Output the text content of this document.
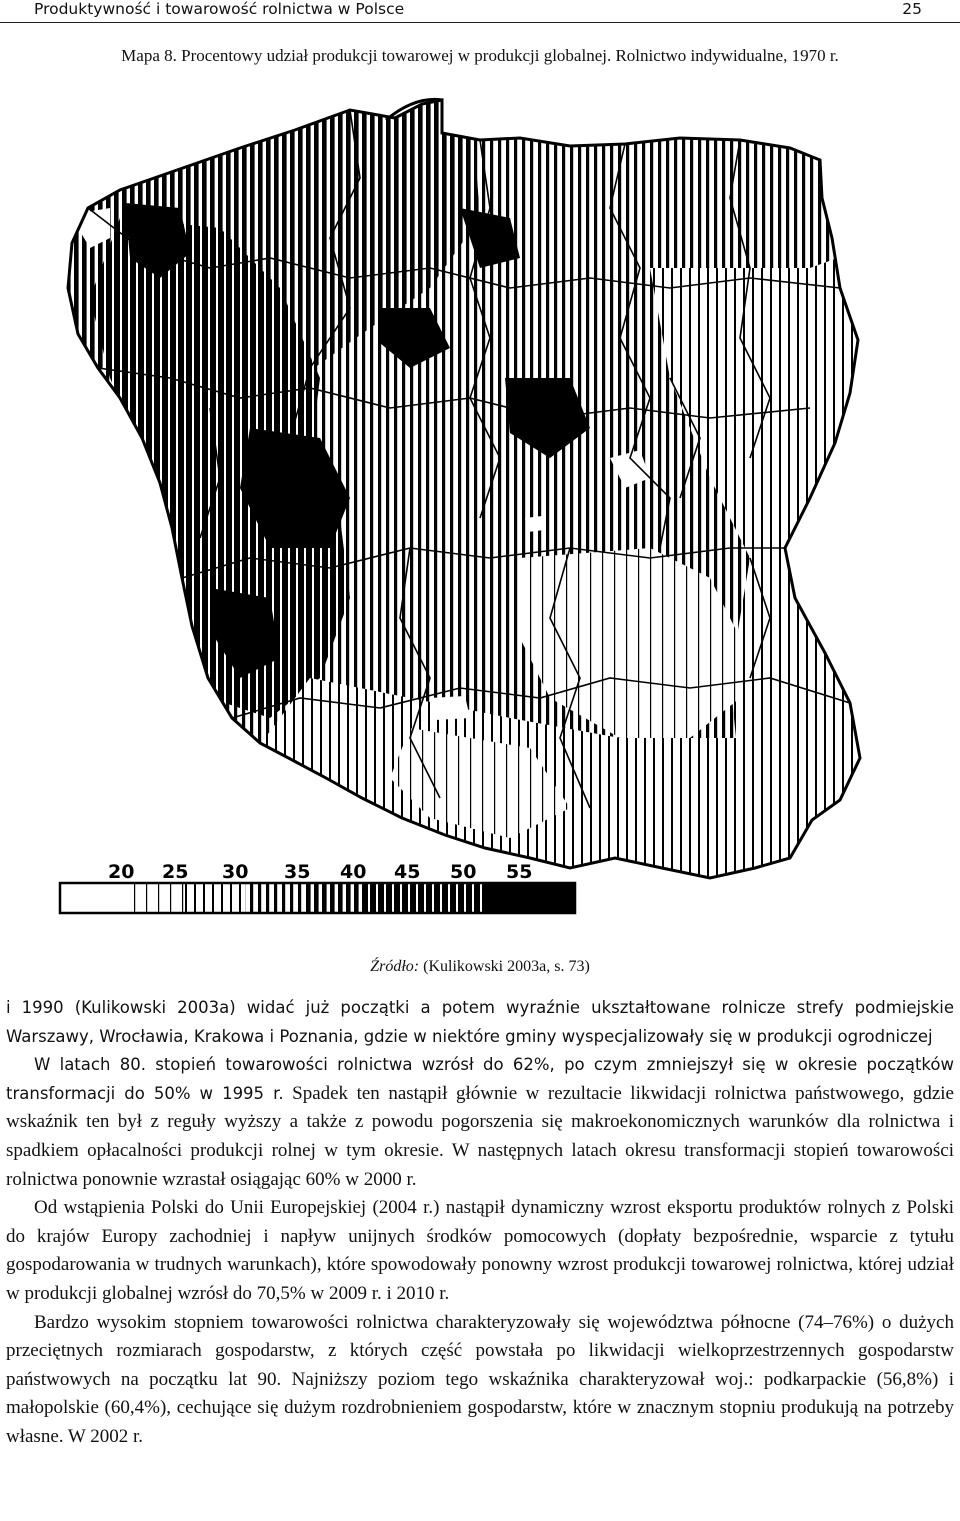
Produktywność i towarowość rolnictwa w Polsce	25
Mapa 8. Procentowy udział produkcji towarowej w produkcji globalnej. Rolnictwo indywidualne, 1970 r.
20 25 30 35 40 45 50 55
Źródło: (Kulikowski 2003a, s. 73)

i 1990 (Kulikowski 2003a) widać już początki a potem wyraźnie ukształtowane rolnicze strefy podmiejskie Warszawy, Wrocławia, Krakowa i Poznania, gdzie w niektóre gminy wyspecjalizowały się w produkcji ogrodniczej

W latach 80. stopień towarowości rolnictwa wzrósł do 62%, po czym zmniejszył się w okresie początków transformacji do 50% w 1995 r. Spadek ten nastąpił głównie w rezultacie likwidacji rolnictwa państwowego, gdzie wskaźnik ten był z reguły wyższy a także z powodu pogorszenia się makroekonomicznych warunków dla rolnictwa i spadkiem opłacalności produkcji rolnej w tym okresie. W następnych latach okresu transformacji stopień towarowości rolnictwa ponownie wzrastał osiągając 60% w 2000 r.

Od wstąpienia Polski do Unii Europejskiej (2004 r.) nastąpił dynamiczny wzrost eksportu produktów rolnych z Polski do krajów Europy zachodniej i napływ unijnych środków pomocowych (dopłaty bezpośrednie, wsparcie z tytułu gospodarowania w trudnych warunkach), które spowodowały ponowny wzrost produkcji towarowej rolnictwa, której udział w produkcji globalnej wzrósł do 70,5% w 2009 r. i 2010 r.

Bardzo wysokim stopniem towarowości rolnictwa charakteryzowały się województwa północne (74–76%) o dużych przeciętnych rozmiarach gospodarstw, z których część powstała po likwidacji wielkoprzestrzennych gospodarstw państwowych na początku lat 90. Najniższy poziom tego wskaźnika charakteryzował woj.: podkarpackie (56,8%) i małopolskie (60,4%), cechujące się dużym rozdrobnieniem gospodarstw, które w znacznym stopniu produkują na potrzeby własne. W 2002 r.
